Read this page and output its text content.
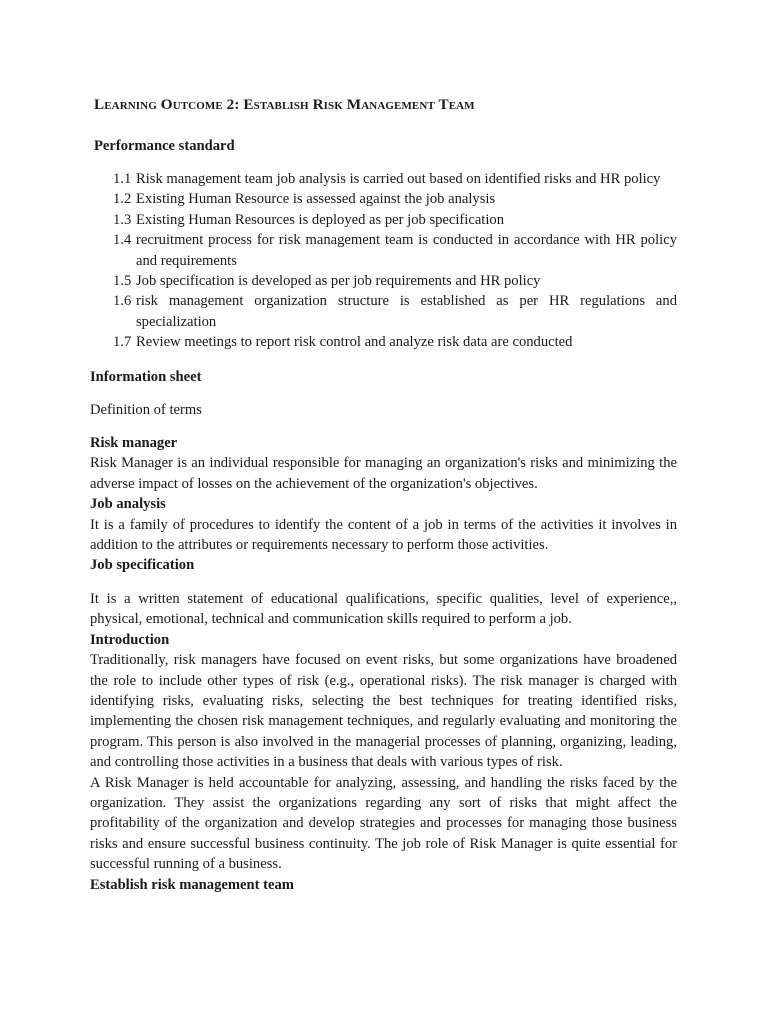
Learning Outcome 2: Establish Risk Management Team
Performance standard
1.1 Risk management team job analysis is carried out based on identified risks and HR policy
1.2 Existing Human Resource is assessed against the job analysis
1.3 Existing Human Resources is deployed as per job specification
1.4 recruitment process for risk management team is conducted in accordance with HR policy and requirements
1.5 Job specification is developed as per job requirements and HR policy
1.6 risk management organization structure is established as per HR regulations and specialization
1.7 Review meetings to report risk control and analyze risk data are conducted
Information sheet
Definition of terms

Risk manager

Risk Manager is an individual responsible for managing an organization's risks and minimizing the adverse impact of losses on the achievement of the organization's objectives.

Job analysis

It is a family of procedures to identify the content of a job in terms of the activities it involves in addition to the attributes or requirements necessary to perform those activities.

Job specification

It is a written statement of educational qualifications, specific qualities, level of experience,, physical, emotional, technical and communication skills required to perform a job.

Introduction

Traditionally, risk managers have focused on event risks, but some organizations have broadened the role to include other types of risk (e.g., operational risks). The risk manager is charged with identifying risks, evaluating risks, selecting the best techniques for treating identified risks, implementing the chosen risk management techniques, and regularly evaluating and monitoring the program. This person is also involved in the managerial processes of planning, organizing, leading, and controlling those activities in a business that deals with various types of risk.

A Risk Manager is held accountable for analyzing, assessing, and handling the risks faced by the organization. They assist the organizations regarding any sort of risks that might affect the profitability of the organization and develop strategies and processes for managing those business risks and ensure successful business continuity. The job role of Risk Manager is quite essential for successful running of a business.

Establish risk management team
